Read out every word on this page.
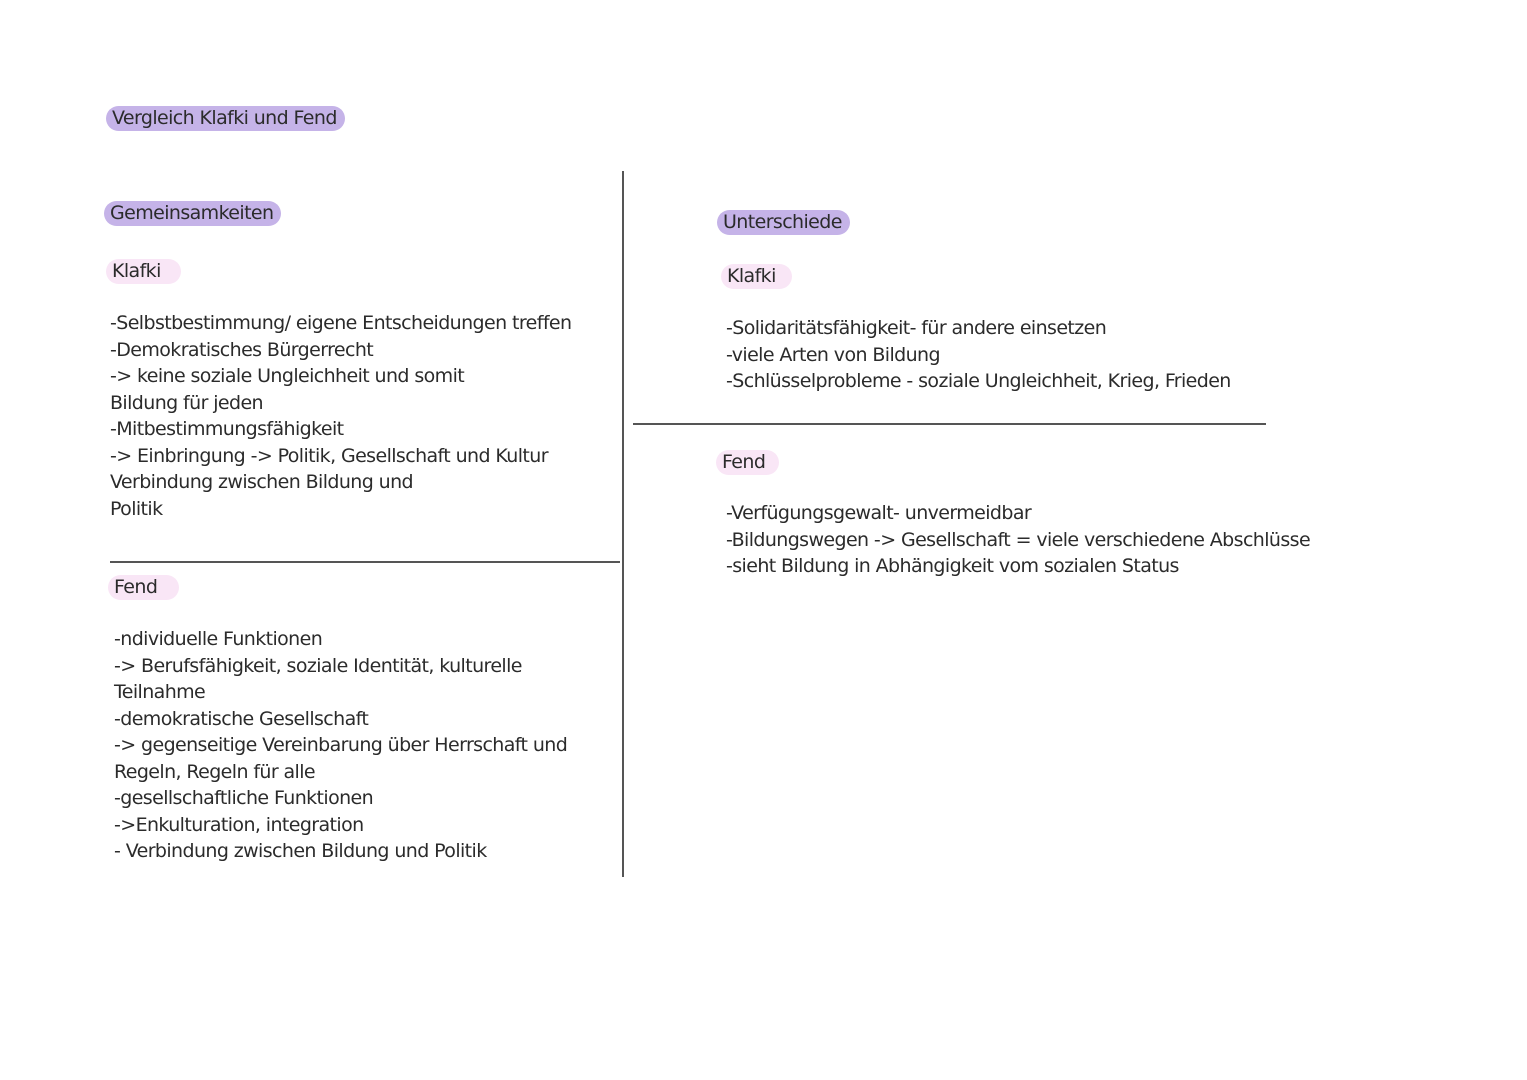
Vergleich Klafki und Fend
Gemeinsamkeiten
Klafki
-Selbstbestimmung/ eigene Entscheidungen treffen
-Demokratisches Bürgerrecht
-> keine soziale Ungleichheit und somit
Bildung für jeden
-Mitbestimmungsfähigkeit
-> Einbringung -> Politik, Gesellschaft und Kultur
Verbindung zwischen Bildung und
Politik
Fend
-ndividuelle Funktionen
-> Berufsfähigkeit, soziale Identität, kulturelle
Teilnahme
-demokratische Gesellschaft
-> gegenseitige Vereinbarung über Herrschaft und
Regeln, Regeln für alle
-gesellschaftliche Funktionen
->Enkulturation, integration
- Verbindung zwischen Bildung und Politik
Unterschiede
Klafki
-Solidaritätsfähigkeit- für andere einsetzen
-viele Arten von Bildung
-Schlüsselprobleme - soziale Ungleichheit, Krieg, Frieden
Fend
-Verfügungsgewalt- unvermeidbar
-Bildungswegen -> Gesellschaft = viele verschiedene Abschlüsse
-sieht Bildung in Abhängigkeit vom sozialen Status
